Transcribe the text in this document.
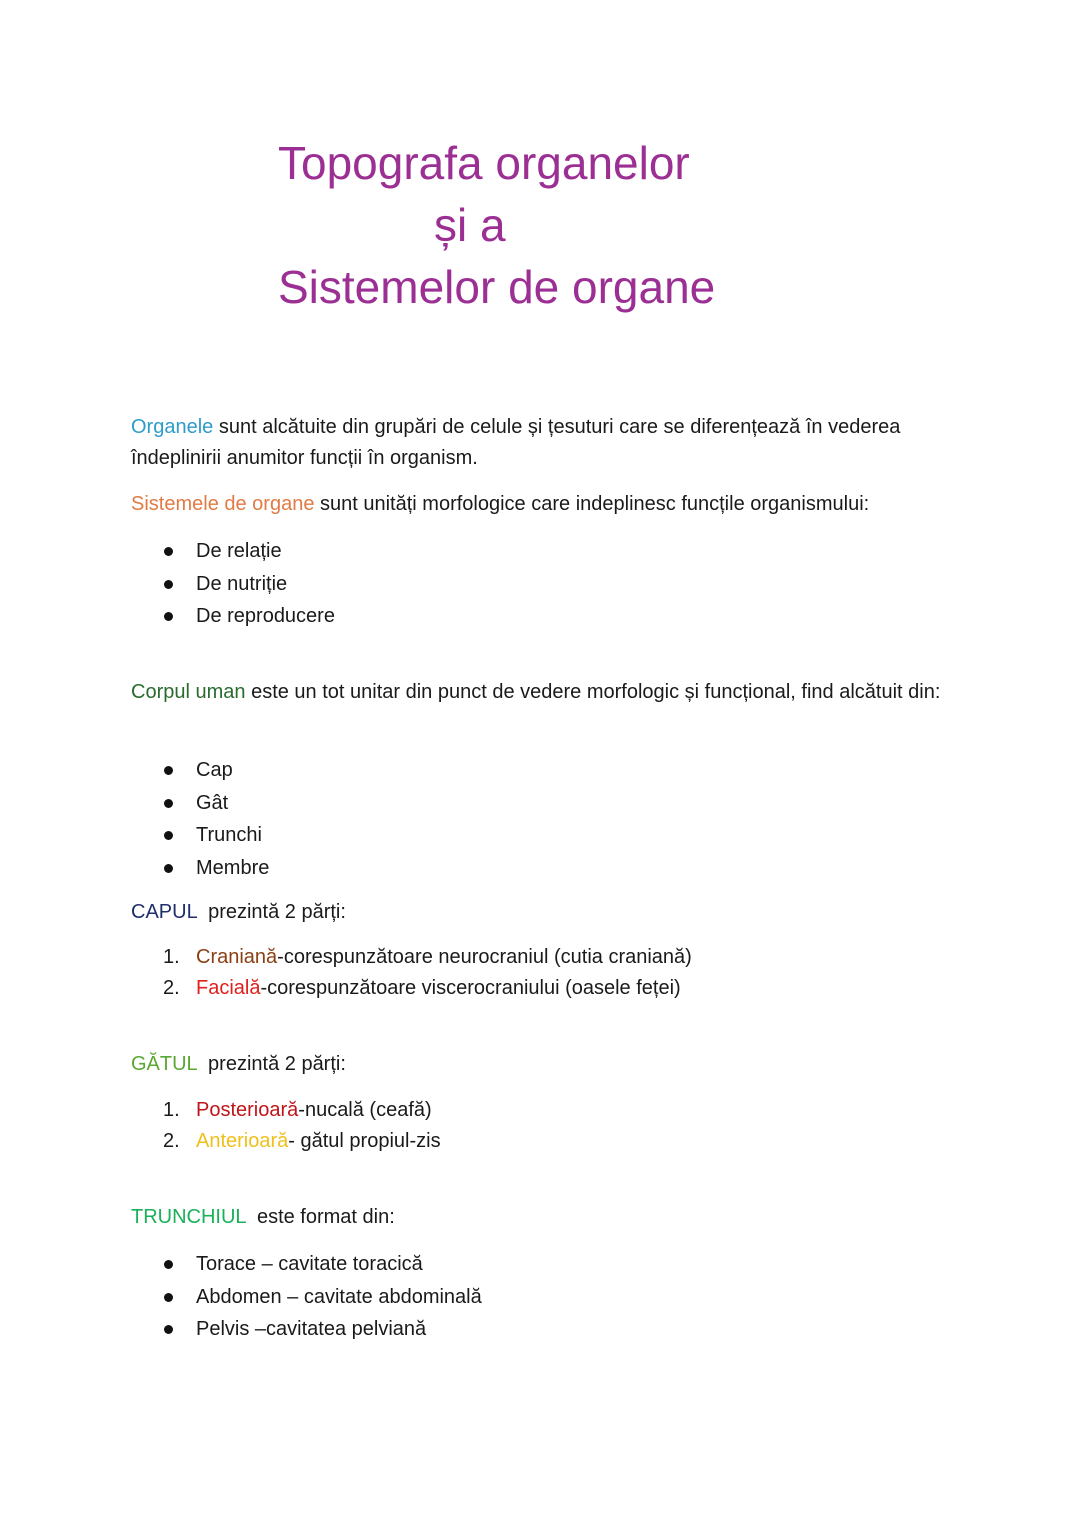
Topografa organelor
și a
Sistemelor de organe
Organele sunt alcătuite din grupări de celule și țesuturi care se diferențează în vederea îndeplinirii anumitor funcții în organism.
Sistemele de organe sunt unități morfologice care indeplinesc funcțile organismului:
De relație
De nutriție
De reproducere
Corpul uman este un tot unitar din punct de vedere morfologic și funcțional, find alcătuit din:
Cap
Gât
Trunchi
Membre
CAPUL  prezintă 2 părți:
1. Craniană-corespunzătoare neurocraniul (cutia craniană)
2. Facială-corespunzătoare viscerocraniului (oasele feței)
GĂTUL  prezintă 2 părți:
1. Posterioară-nucală (ceafă)
2. Anterioară- gătul propiul-zis
TRUNCHIUL  este format din:
Torace – cavitate toracică
Abdomen – cavitate abdominală
Pelvis –cavitatea pelviană
